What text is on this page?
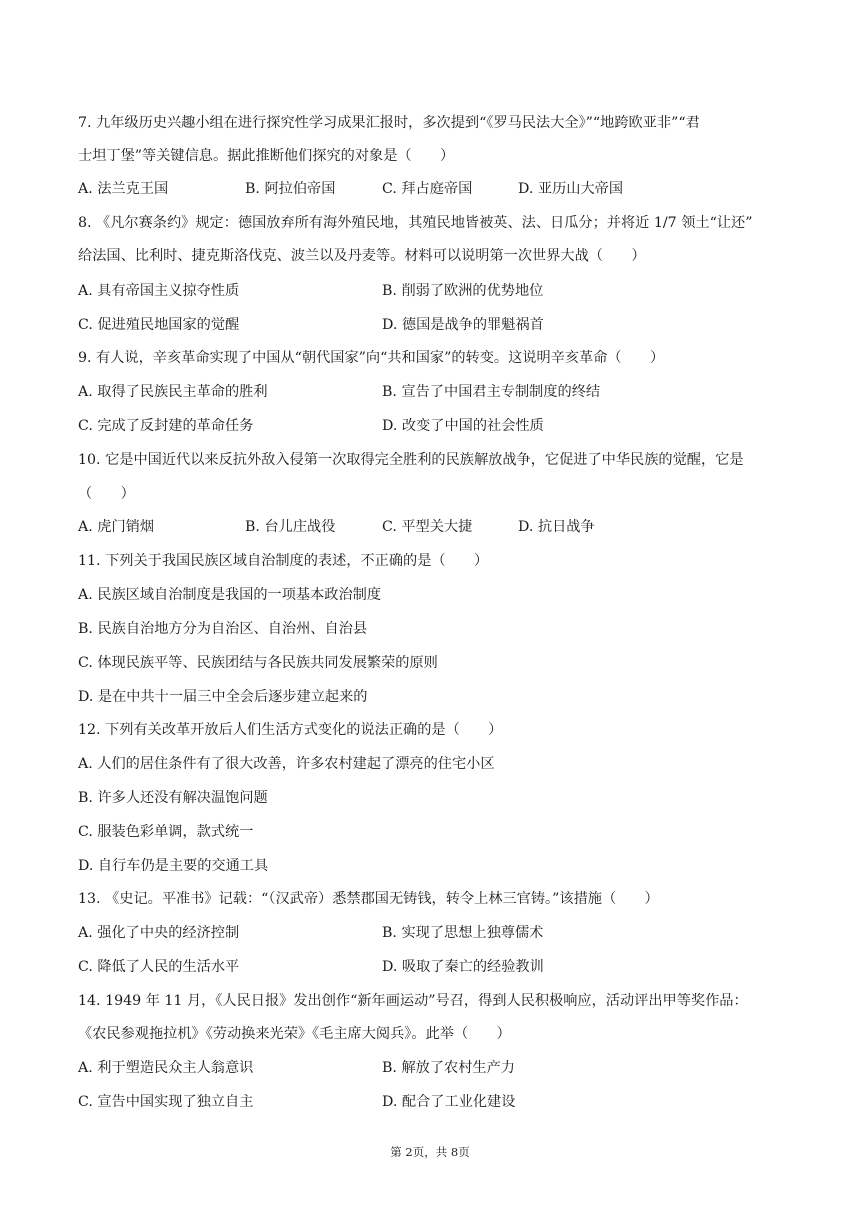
7. 九年级历史兴趣小组在进行探究性学习成果汇报时，多次提到“《罗马民法大全》”“地跨欧亚非”“君
士坦丁堡”等关键信息。据此推断他们探究的对象是（　　）
A. 法兰克王国	B. 阿拉伯帝国	C. 拜占庭帝国	D. 亚历山大帝国
8. 《凡尔赛条约》规定：德国放弃所有海外殖民地，其殖民地皆被英、法、日瓜分；并将近 1/7 领土“让还”
给法国、比利时、捷克斯洛伐克、波兰以及丹麦等。材料可以说明第一次世界大战（　　）
A. 具有帝国主义掠夺性质	B. 削弱了欧洲的优势地位
C. 促进殖民地国家的觉醒	D. 德国是战争的罪魁祸首
9. 有人说，辛亥革命实现了中国从“朝代国家”向“共和国家”的转变。这说明辛亥革命（　　）
A. 取得了民族民主革命的胜利	B. 宣告了中国君主专制制度的终结
C. 完成了反封建的革命任务	D. 改变了中国的社会性质
10. 它是中国近代以来反抗外敌入侵第一次取得完全胜利的民族解放战争，它促进了中华民族的觉醒，它是
（　　）
A. 虎门销烟	B. 台儿庄战役	C. 平型关大捷	D. 抗日战争
11. 下列关于我国民族区域自治制度的表述，不正确的是（　　）
A. 民族区域自治制度是我国的一项基本政治制度
B. 民族自治地方分为自治区、自治州、自治县
C. 体现民族平等、民族团结与各民族共同发展繁荣的原则
D. 是在中共十一届三中全会后逐步建立起来的
12. 下列有关改革开放后人们生活方式变化的说法正确的是（　　）
A. 人们的居住条件有了很大改善，许多农村建起了漂亮的住宅小区
B. 许多人还没有解决温饱问题
C. 服装色彩单调，款式统一
D. 自行车仍是主要的交通工具
13. 《史记。平准书》记载：“（汉武帝）悉禁郡国无铸钱，转令上林三官铸。”该措施（　　）
A. 强化了中央的经济控制	B. 实现了思想上独尊儒术
C. 降低了人民的生活水平	D. 吸取了秦亡的经验教训
14. 1949 年 11 月，《人民日报》发出创作“新年画运动”号召，得到人民积极响应，活动评出甲等奖作品：
《农民参观拖拉机》《劳动换来光荣》《毛主席大阅兵》。此举（　　）
A. 利于塑造民众主人翁意识	B. 解放了农村生产力
C. 宣告中国实现了独立自主	D. 配合了工业化建设
第 2页，共 8页
